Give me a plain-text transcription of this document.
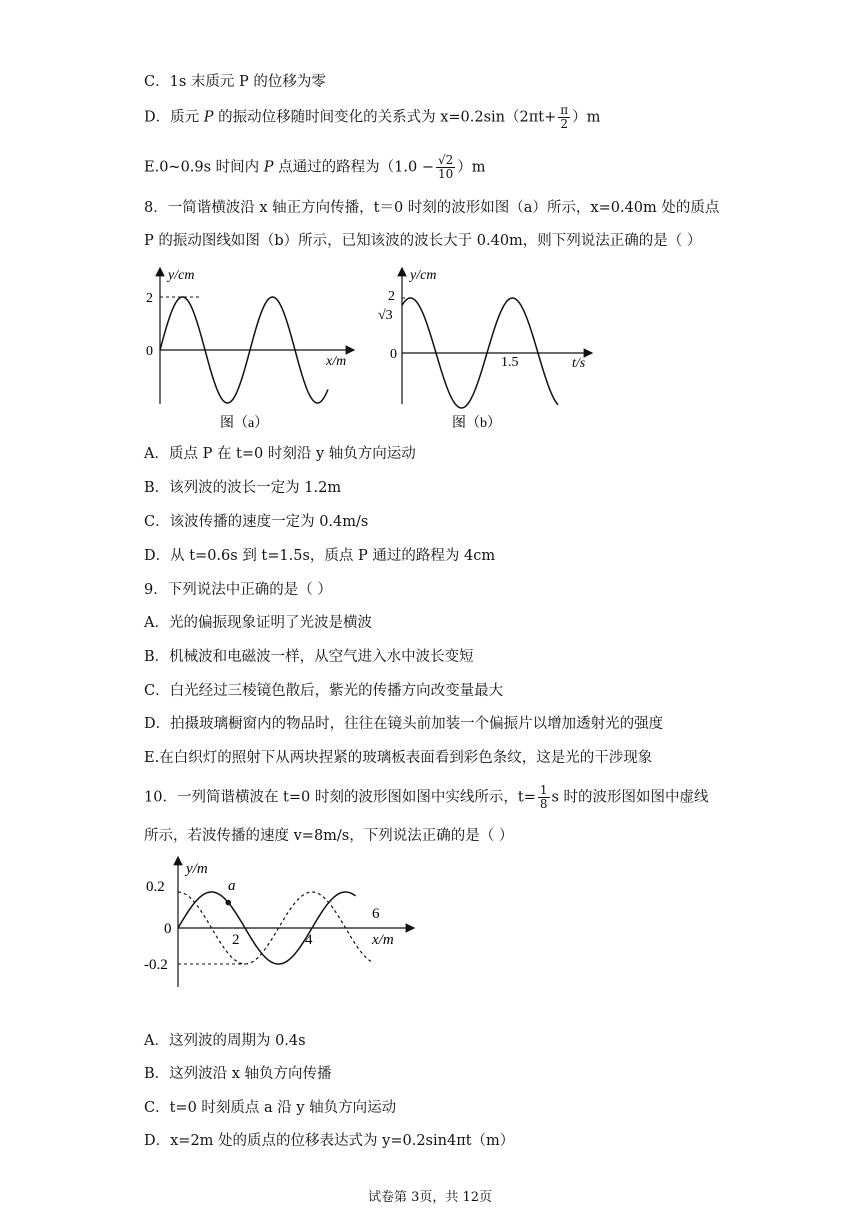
C．1s 末质元 P 的位移为零
D．质元 P 的振动位移随时间变化的关系式为 $x=0.2\sin(2\pi t+ \frac{\pi}{2} )m$
E.0~0.9s 时间内 P 点通过的路程为$(1.0 - \frac{√2}{10} )m$
8．一简谐横波沿 x 轴正方向传播，t＝0 时刻的波形如图（a）所示，x=0.40m 处的质点
P 的振动图线如图（b）所示，已知该波的波长大于 0.40m，则下列说法正确的是（ ）
y/cm
2
0
x/m
图（a）
y/cm
2
√3
0
1.5	t/s
图（b）
A．质点 P 在 t=0 时刻沿 y 轴负方向运动
B．该列波的波长一定为 1.2m
C．该波传播的速度一定为 0.4m/s
D．从 t=0.6s 到 t=1.5s，质点 P 通过的路程为 4cm
9．下列说法中正确的是（ ）
A．光的偏振现象证明了光波是横波
B．机械波和电磁波一样，从空气进入水中波长变短
C．白光经过三棱镜色散后，紫光的传播方向改变量最大
D．拍摄玻璃橱窗内的物品时，往往在镜头前加装一个偏振片以增加透射光的强度
E.在白织灯的照射下从两块捏紧的玻璃板表面看到彩色条纹，这是光的干涉现象
10．一列简谐横波在 t=0 时刻的波形图如图中实线所示，$t= \frac{1}{8}$ s 时的波形图如图中虚线
所示，若波传播的速度 v=8m/s，下列说法正确的是（ ）
y/m
0.2
0
-0.2
2	4
6
x/m
a
A．这列波的周期为 0.4s
B．这列波沿 x 轴负方向传播
C．t=0 时刻质点 a 沿 y 轴负方向运动
D．x=2m 处的质点的位移表达式为 y=0.2sin4πt（m）
试卷第 3页，共 12页
